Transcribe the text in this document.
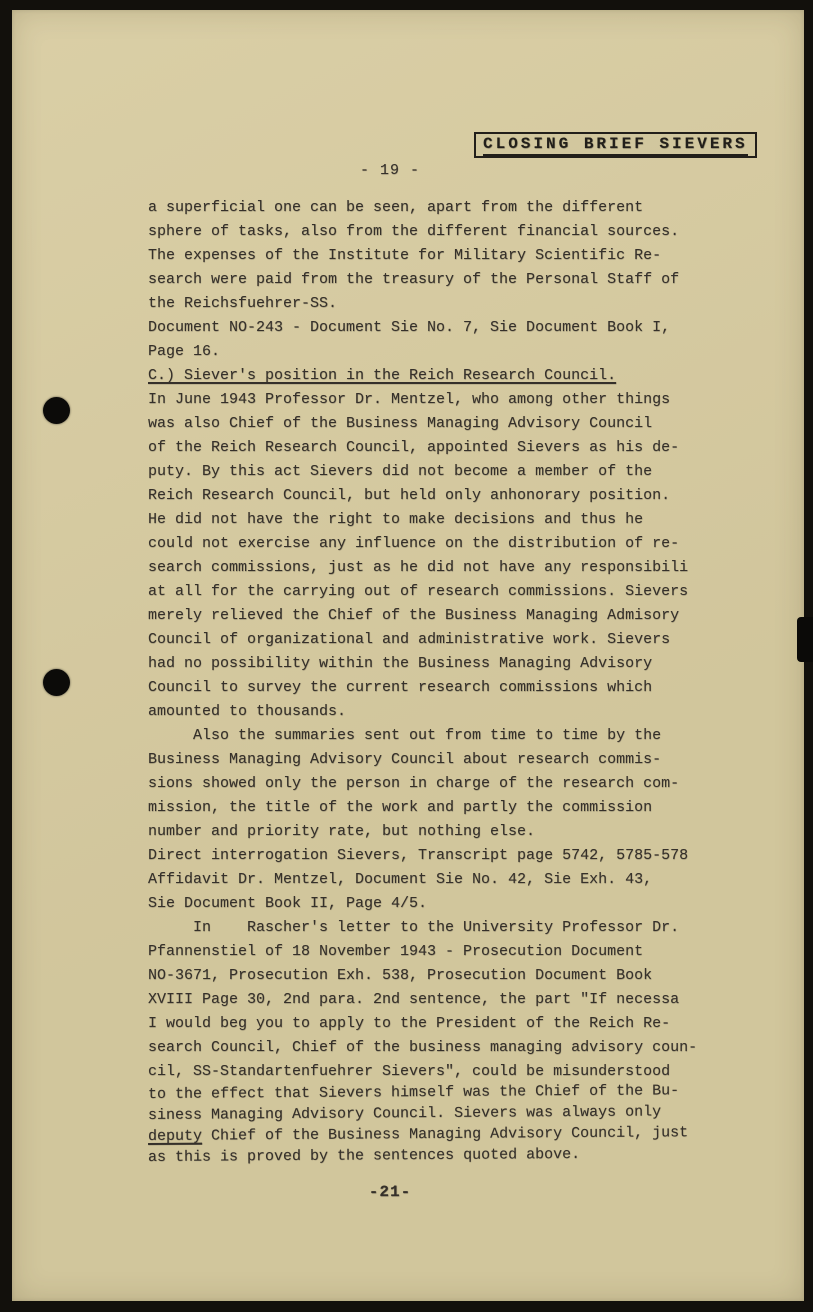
CLOSING BRIEF SIEVERS
- 19 -
a superficial one can be seen, apart from the different
sphere of tasks, also from the different financial sources.
The expenses of the Institute for Military Scientific Re-
search were paid from the treasury of the Personal Staff of
the Reichsfuehrer-SS.
Document NO-243 - Document Sie No. 7, Sie Document Book I,
Page 16.
C.) Siever's position in the Reich Research Council.
In June 1943 Professor Dr. Mentzel, who among other things
was also Chief of the Business Managing Advisory Council
of the Reich Research Council, appointed Sievers as his de-
puty. By this act Sievers did not become a member of the
Reich Research Council, but held only anhonorary position.
He did not have the right to make decisions and thus he
could not exercise any influence on the distribution of re-
search commissions, just as he did not have any responsibili
at all for the carrying out of research commissions. Sievers
merely relieved the Chief of the Business Managing Admisory
Council of organizational and administrative work. Sievers
had no possibility within the Business Managing Advisory
Council to survey the current research commissions which
amounted to thousands.
Also the summaries sent out from time to time by the
Business Managing Advisory Council about research commis-
sions showed only the person in charge of the research com-
mission, the title of the work and partly the commission
number and priority rate, but nothing else.
Direct interrogation Sievers, Transcript page 5742, 5785-578
Affidavit Dr. Mentzel, Document Sie No. 42, Sie Exh. 43,
Sie Document Book II, Page 4/5.
In    Rascher's letter to the University Professor Dr.
Pfannenstiel of 18 November 1943 - Prosecution Document
NO-3671, Prosecution Exh. 538, Prosecution Document Book
XVIII Page 30, 2nd para. 2nd sentence, the part "If necessa
I would beg you to apply to the President of the Reich Re-
search Council, Chief of the business managing advisory coun-
cil, SS-Standartenfuehrer Sievers", could be misunderstood
to the effect that Sievers himself was the Chief of the Bu-
siness Managing Advisory Council. Sievers was always only
deputy Chief of the Business Managing Advisory Council, just
as this is proved by the sentences quoted above.
-21-
